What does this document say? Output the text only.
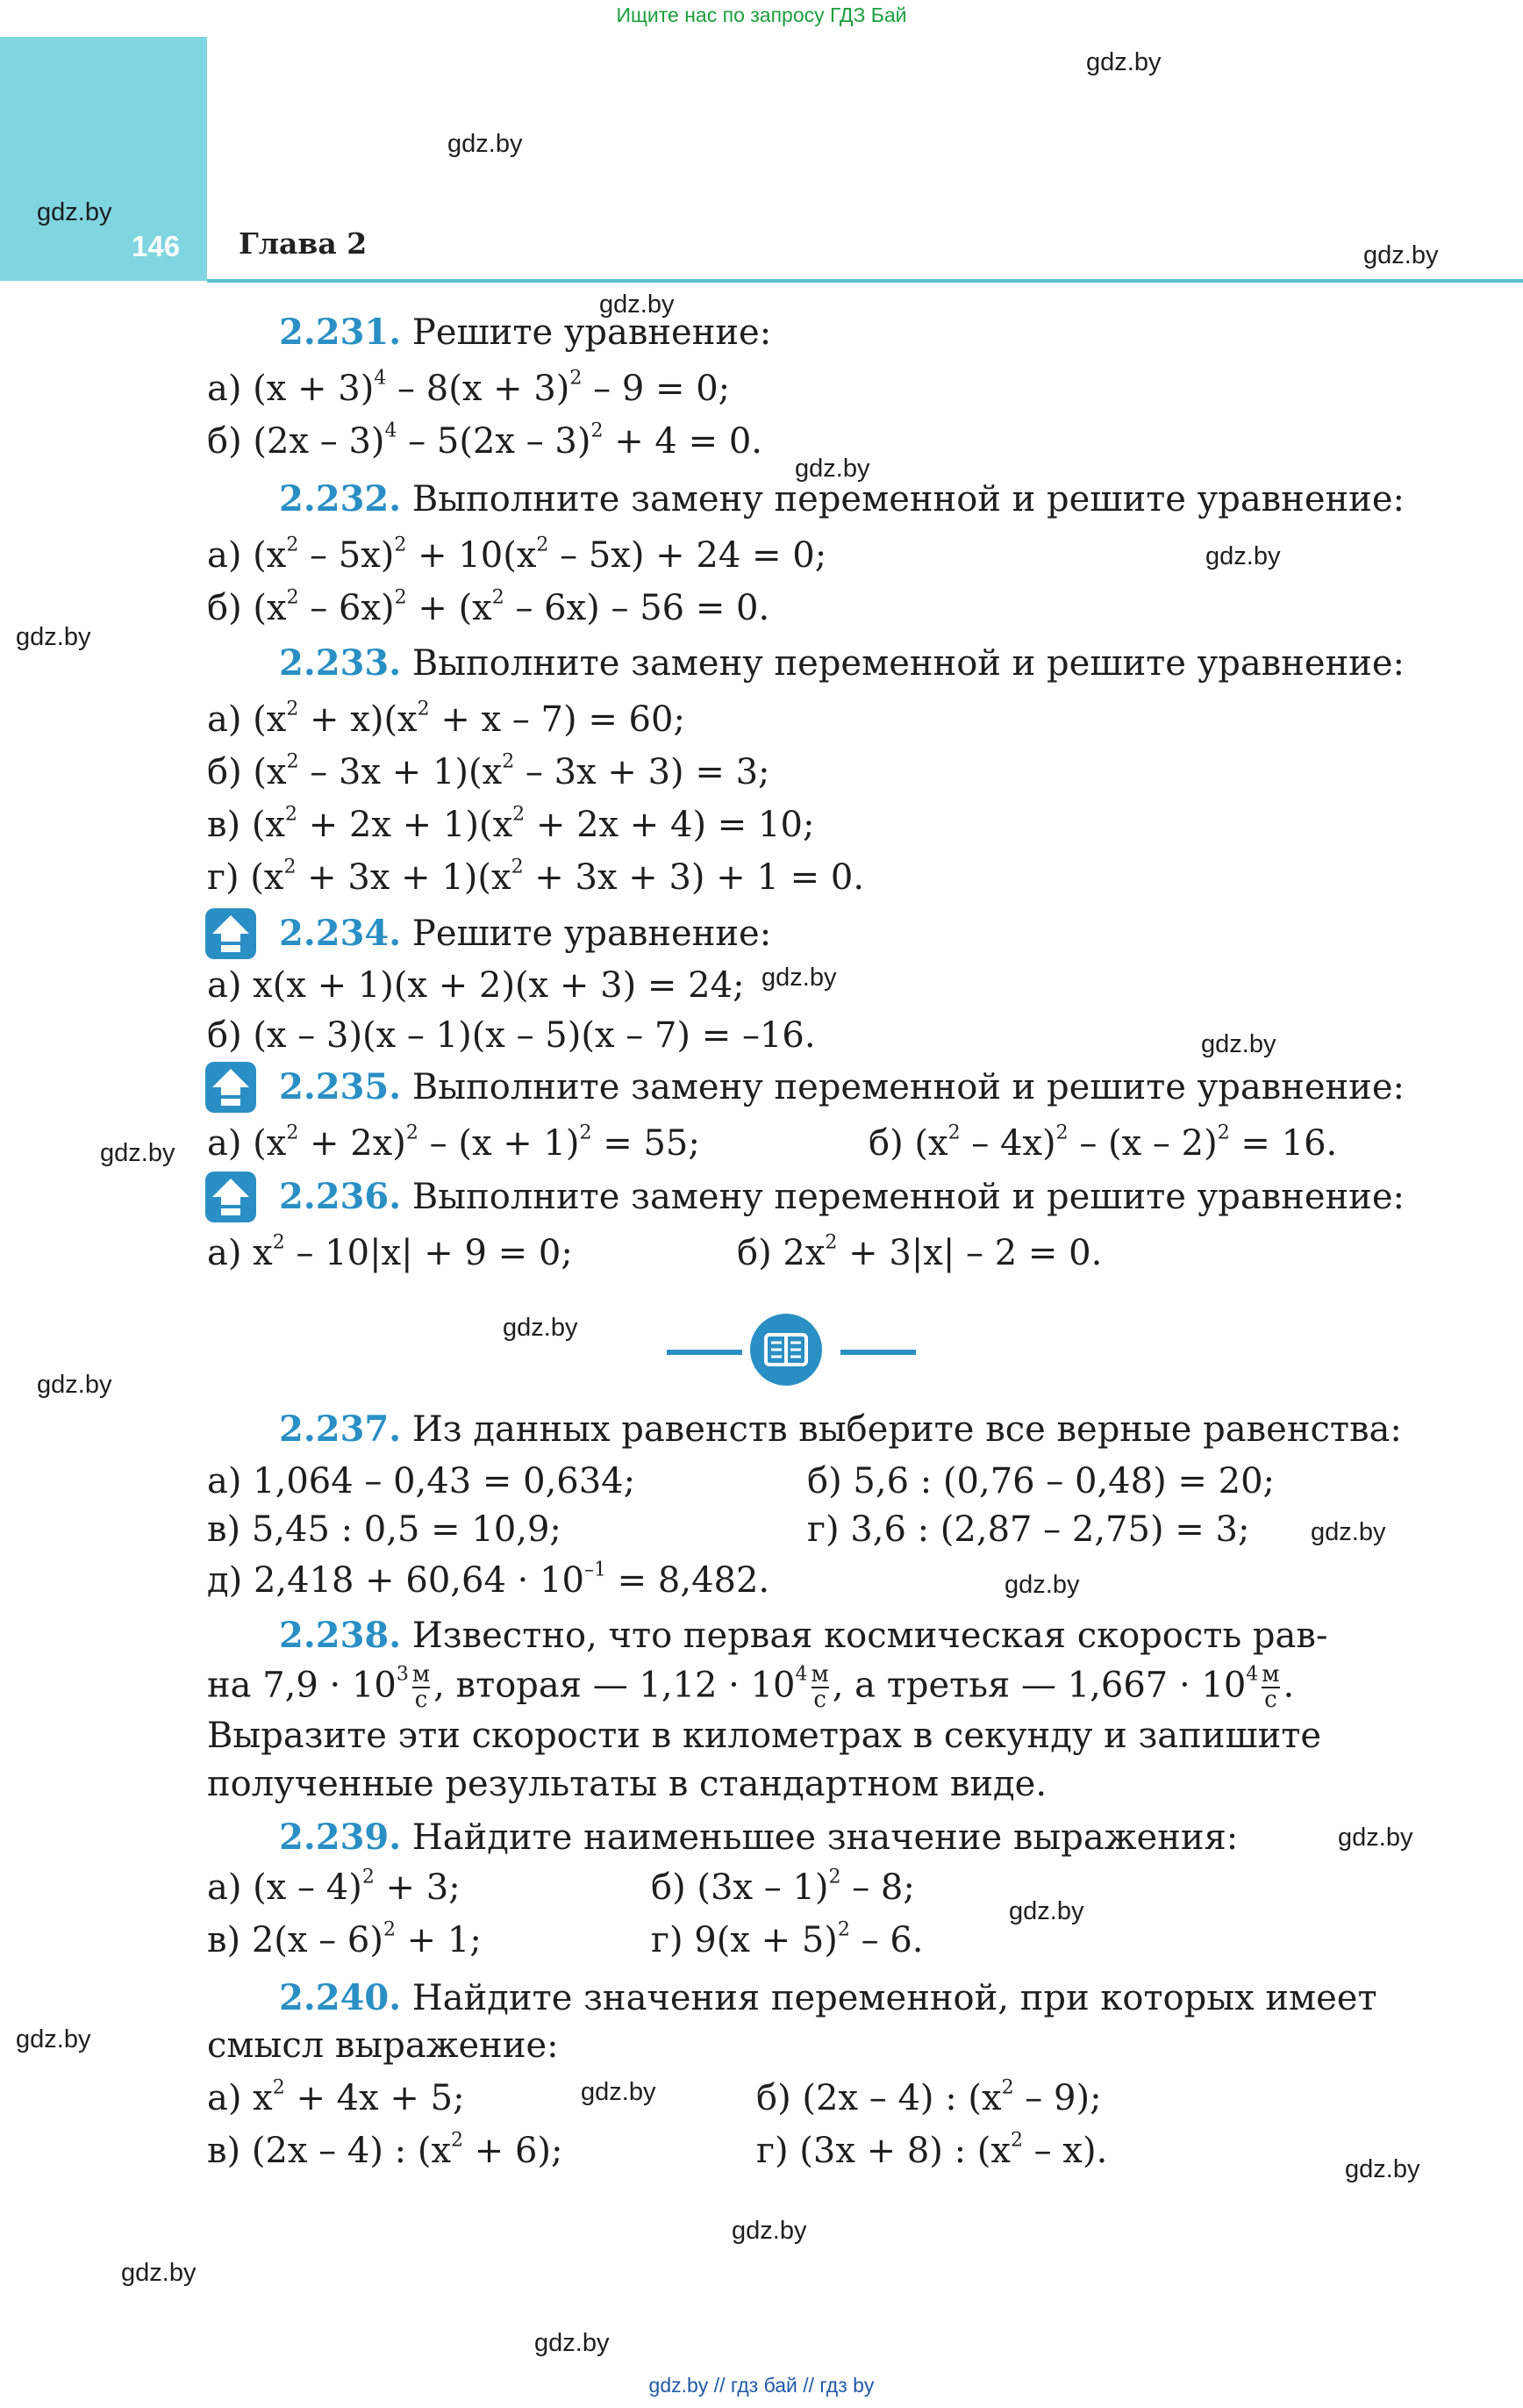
Ищите нас по запросу ГДЗ Бай
146 Глава 2
gdz.by
gdz.by
gdz.by
gdz.by
gdz.by
gdz.by
gdz.by
gdz.by
gdz.by
gdz.by
gdz.by
gdz.by
gdz.by
gdz.by
gdz.by
gdz.by
gdz.by
gdz.by
gdz.by
gdz.by
gdz.by
gdz.by
gdz.by
2.231. Решите уравнение:
а) $(x + 3)^4 - 8(x + 3)^2 - 9 = 0$;
б) (2x – 3)$^4$ – 5(2x – 3)$^2$ + 4 = 0.
2.232. Выполните замену переменной и решите уравнение:
а) $(x^2 - 5x)^2 + 10(x^2 - 5x) + 24 = 0$;
б) $(x^2 - 6x)^2 + (x^2 - 6x) - 56 = 0$.
2.233. Выполните замену переменной и решите уравнение:
а) $(x^2 + x)(x^2 + x - 7) = 60$;
б) $(x^2 - 3x + 1)(x^2 - 3x + 3) = 3$;
в) $(x^2 + 2x + 1)(x^2 + 2x + 4) = 10$;
г) $(x^2 + 3x + 1)(x^2 + 3x + 3) + 1 = 0$.
2.234. Решите уравнение:
а) x(x + 1)(x + 2)(x + 3) = 24;
б) (x – 3)(x – 1)(x – 5)(x – 7) = –16.
2.235. Выполните замену переменной и решите уравнение:
а) $(x^2 + 2x)^2 - (x + 1)^2 = 55$;	б) $(x^2 - 4x)^2 - (x - 2)^2 = 16$.
2.236. Выполните замену переменной и решите уравнение:
а) $x^2 - 10|x| + 9 = 0$;	б) $2x^2 + 3|x| - 2 = 0$.
2.237. Из данных равенств выберите все верные равенства:
а) 1,064 – 0,43 = 0,634;	б) 5,6 : (0,76 – 0,48) = 20;
в) 5,45 : 0,5 = 10,9;	г) 3,6 : (2,87 – 2,75) = 3;
д) $2,418 + 60,64 \cdot 10^{-1} = 8,482$.
2.238. Известно, что первая космическая скорость рав-
на $7,9 \cdot 10^3 \frac{м}{с}$ , вторая — $1,12 \cdot 10^4 \frac{м}{с}$ , а третья — $1,667 \cdot 10^4 \frac{м}{с}$ .
Выразите эти скорости в километрах в секунду и запишите
полученные результаты в стандартном виде.
2.239. Найдите наименьшее значение выражения:
а) (x – 4)$^2$ + 3;	б) (3x – 1)$^2$ – 8;
в) 2(x – 6)$^2$ + 1;	г) $9(x + 5)^2 - 6$.
2.240. Найдите значения переменной, при которых имеет
смысл выражение:
а) $x^2 + 4x + 5$;	б) (2x – 4) : $(x^2 - 9)$;
в) (2x – 4) : $(x^2 + 6)$;	г) (3x + 8) : $(x^2 - x)$.
gdz.by // гдз бай // гдз by
